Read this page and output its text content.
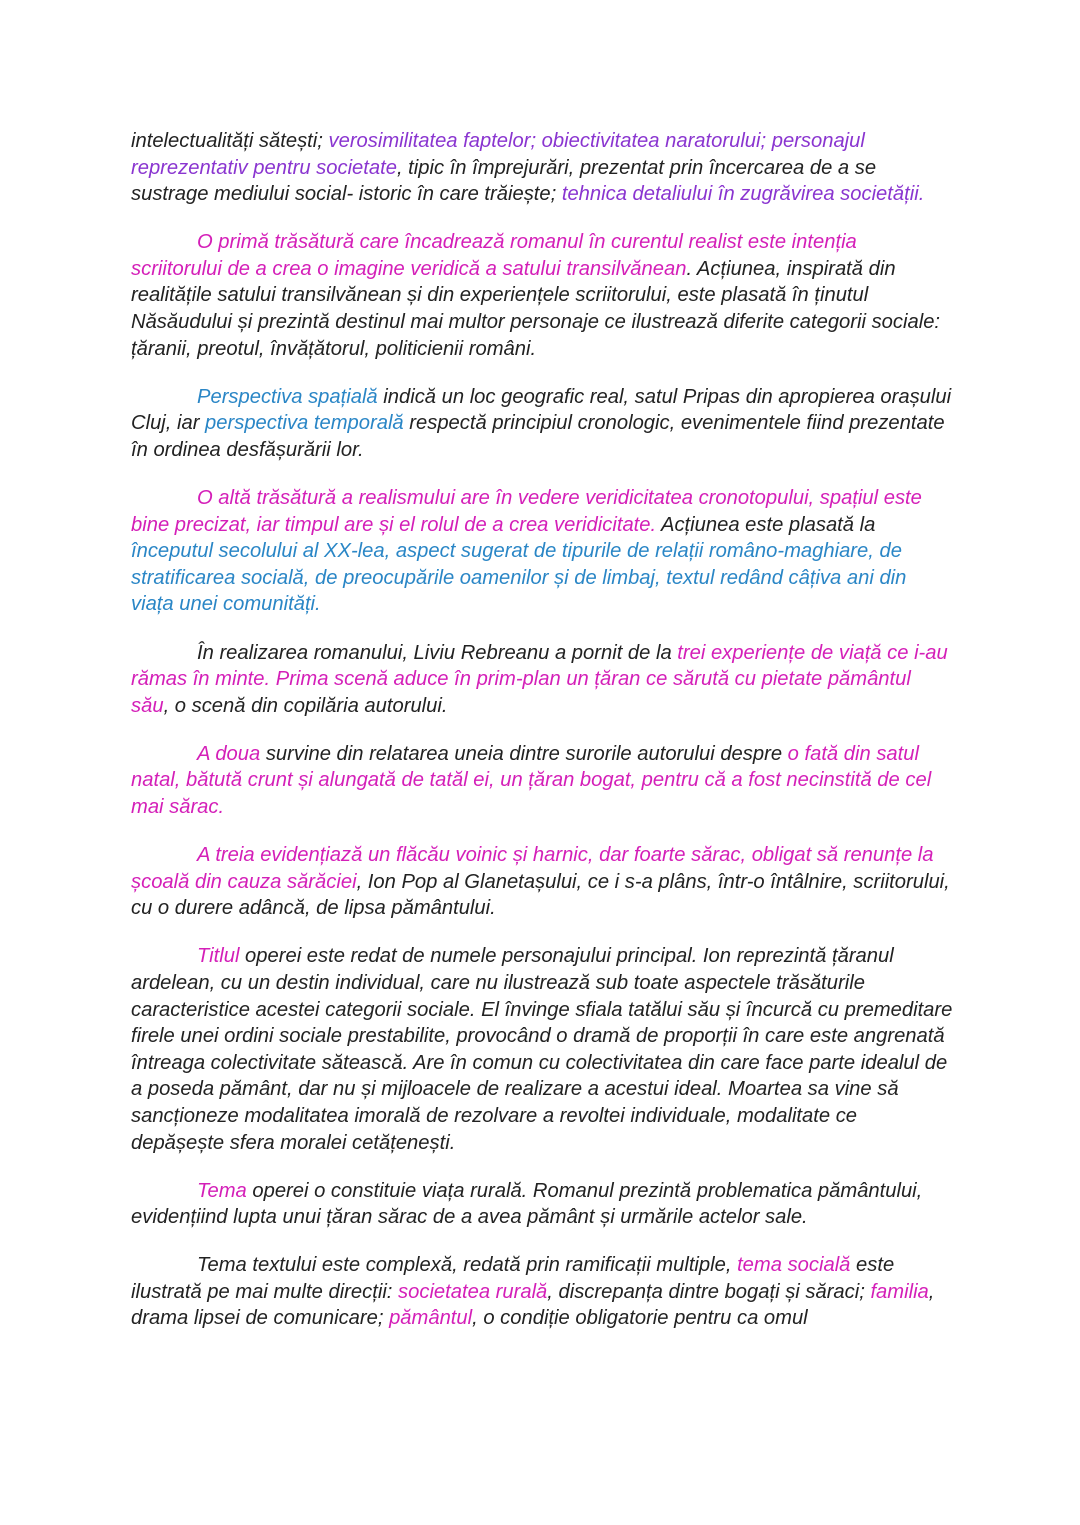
intelectualități sătești; verosimilitatea faptelor; obiectivitatea naratorului; personajul reprezentativ pentru societate, tipic în împrejurări, prezentat prin încercarea de a se sustrage mediului social- istoric în care trăiește; tehnica detaliului în zugrăvirea societății.

O primă trăsătură care încadrează romanul în curentul realist este intenția scriitorului de a crea o imagine veridică a satului transilvănean. Acțiunea, inspirată din realitățile satului transilvănean și din experiențele scriitorului, este plasată în ținutul Năsăudului și prezintă destinul mai multor personaje ce ilustrează diferite categorii sociale: țăranii, preotul, învățătorul, politicienii români.

Perspectiva spațială indică un loc geografic real, satul Pripas din apropierea orașului Cluj, iar perspectiva temporală respectă principiul cronologic, evenimentele fiind prezentate în ordinea desfășurării lor.

O altă trăsătură a realismului are în vedere veridicitatea cronotopului, spațiul este bine precizat, iar timpul are și el rolul de a crea veridicitate. Acțiunea este plasată la începutul secolului al XX-lea, aspect sugerat de tipurile de relații româno-maghiare, de stratificarea socială, de preocupările oamenilor și de limbaj, textul redând câțiva ani din viața unei comunități.

În realizarea romanului, Liviu Rebreanu a pornit de la trei experiențe de viață ce i-au rămas în minte. Prima scenă aduce în prim-plan un țăran ce sărută cu pietate pământul său, o scenă din copilăria autorului.

A doua survine din relatarea uneia dintre surorile autorului despre o fată din satul natal, bătută crunt și alungată de tatăl ei, un țăran bogat, pentru că a fost necinstită de cel mai sărac.

A treia evidențiază un flăcău voinic și harnic, dar foarte sărac, obligat să renunțe la școală din cauza sărăciei, Ion Pop al Glanetașului, ce i s-a plâns, într-o întâlnire, scriitorului, cu o durere adâncă, de lipsa pământului.

Titlul operei este redat de numele personajului principal. Ion reprezintă țăranul ardelean, cu un destin individual, care nu ilustrează sub toate aspectele trăsăturile caracteristice acestei categorii sociale. El învinge sfiala tatălui său și încurcă cu premeditare firele unei ordini sociale prestabilite, provocând o dramă de proporții în care este angrenată întreaga colectivitate sătească. Are în comun cu colectivitatea din care face parte idealul de a poseda pământ, dar nu și mijloacele de realizare a acestui ideal. Moartea sa vine să sancționeze modalitatea imorală de rezolvare a revoltei individuale, modalitate ce depășește sfera moralei cetățenești.

Tema operei o constituie viața rurală. Romanul prezintă problematica pământului, evidențiind lupta unui țăran sărac de a avea pământ și urmările actelor sale.

Tema textului este complexă, redată prin ramificații multiple, tema socială este ilustrată pe mai multe direcții: societatea rurală, discrepanța dintre bogați și săraci; familia, drama lipsei de comunicare; pământul, o condiție obligatorie pentru ca omul
